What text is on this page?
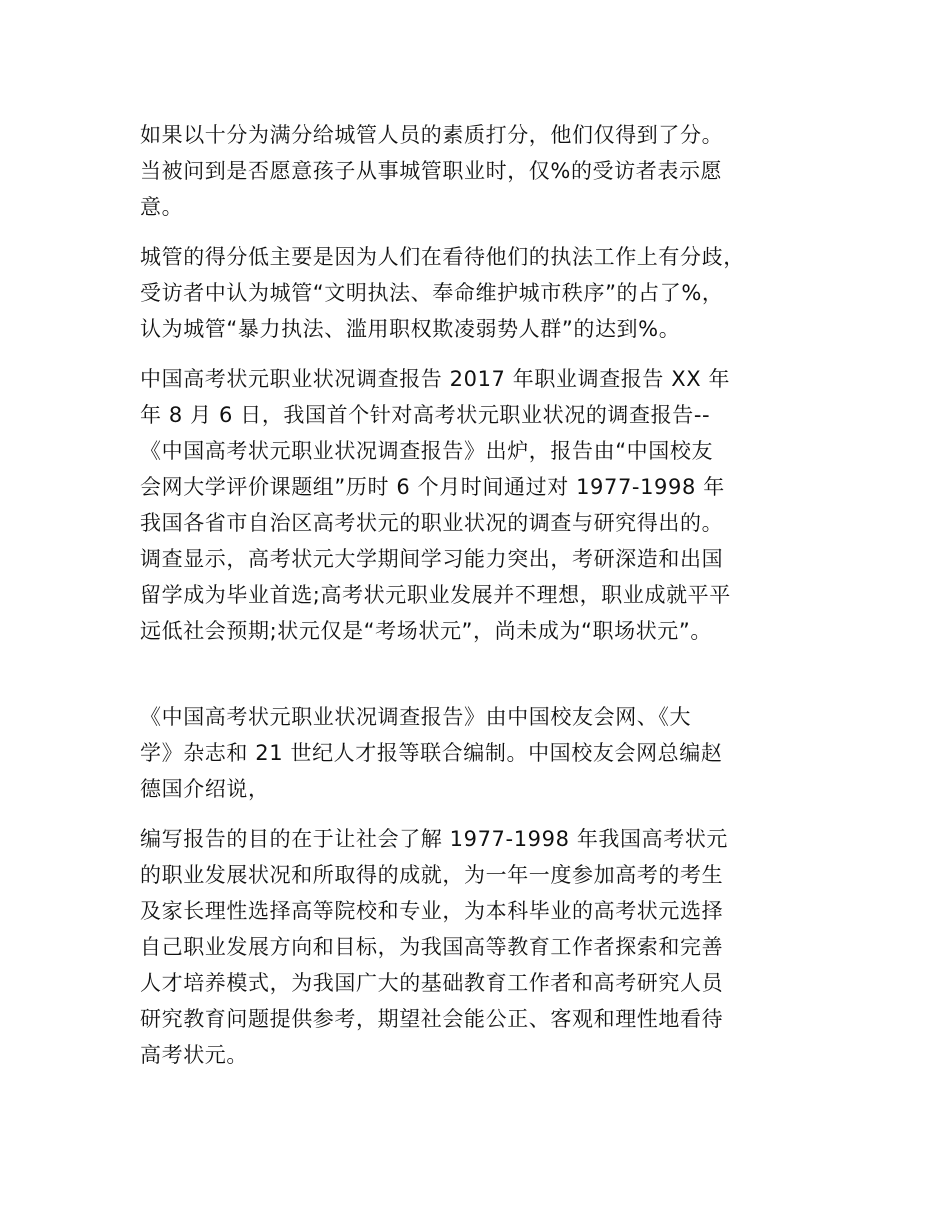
如果以十分为满分给城管人员的素质打分，他们仅得到了分。
当被问到是否愿意孩子从事城管职业时，仅%的受访者表示愿
意。

城管的得分低主要是因为人们在看待他们的执法工作上有分歧，
受访者中认为城管“文明执法、奉命维护城市秩序”的占了%，
认为城管“暴力执法、滥用职权欺凌弱势人群”的达到%。

中国高考状元职业状况调查报告 2017 年职业调查报告 XX 年
年 8 月 6 日，我国首个针对高考状元职业状况的调查报告--
《中国高考状元职业状况调查报告》出炉，报告由“中国校友
会网大学评价课题组”历时 6 个月时间通过对 1977-1998 年
我国各省市自治区高考状元的职业状况的调查与研究得出的。
调查显示，高考状元大学期间学习能力突出，考研深造和出国
留学成为毕业首选;高考状元职业发展并不理想，职业成就平平
远低社会预期;状元仅是“考场状元”，尚未成为“职场状元”。

《中国高考状元职业状况调查报告》由中国校友会网、《大
学》杂志和 21 世纪人才报等联合编制。中国校友会网总编赵
德国介绍说，

编写报告的目的在于让社会了解 1977-1998 年我国高考状元
的职业发展状况和所取得的成就，为一年一度参加高考的考生
及家长理性选择高等院校和专业，为本科毕业的高考状元选择
自己职业发展方向和目标，为我国高等教育工作者探索和完善
人才培养模式，为我国广大的基础教育工作者和高考研究人员
研究教育问题提供参考，期望社会能公正、客观和理性地看待
高考状元。
